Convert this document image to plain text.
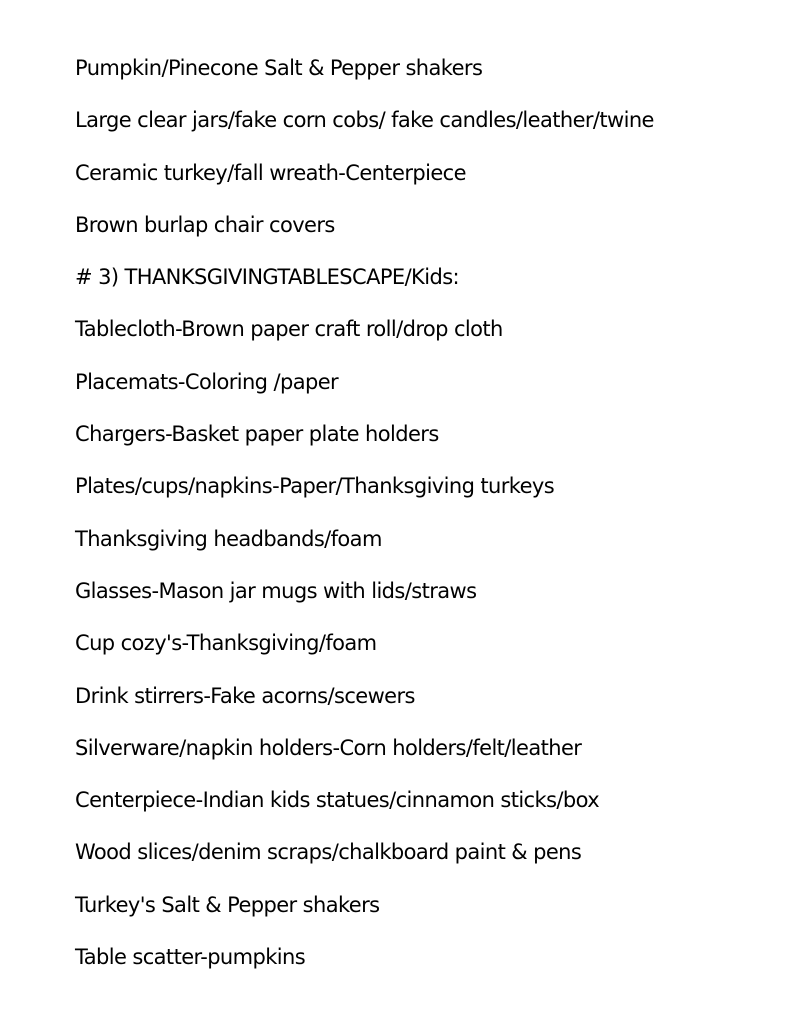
Pumpkin/Pinecone Salt & Pepper shakers
Large clear jars/fake corn cobs/ fake candles/leather/twine
Ceramic turkey/fall wreath-Centerpiece
Brown burlap chair covers
# 3) THANKSGIVINGTABLESCAPE/Kids:
Tablecloth-Brown paper craft roll/drop cloth
Placemats-Coloring /paper
Chargers-Basket paper plate holders
Plates/cups/napkins-Paper/Thanksgiving turkeys
Thanksgiving headbands/foam
Glasses-Mason jar mugs with lids/straws
Cup cozy's-Thanksgiving/foam
Drink stirrers-Fake acorns/scewers
Silverware/napkin holders-Corn holders/felt/leather
Centerpiece-Indian kids statues/cinnamon sticks/box
Wood slices/denim scraps/chalkboard paint & pens
Turkey's Salt & Pepper shakers
Table scatter-pumpkins
